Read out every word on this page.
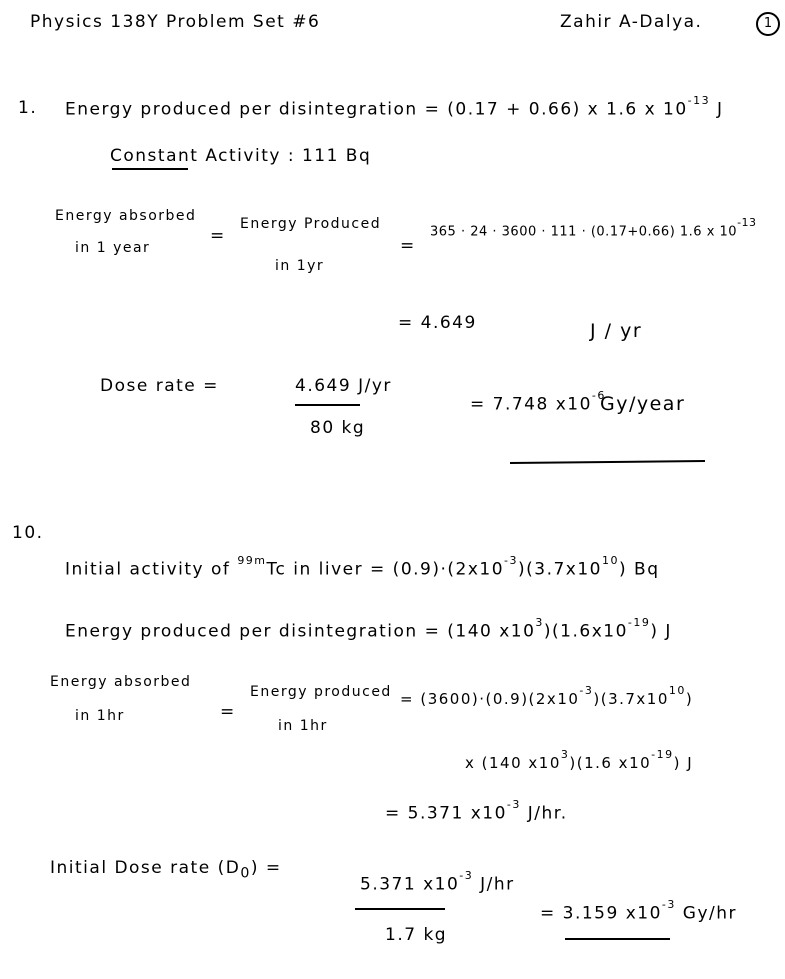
1
Physics 138Y Problem Set #6	Zahir A-Dalya.
1. Energy produced per disintegration = (0.17 + 0.66) x 1.6 x $10^{-13}$ J
Constant Activity : 111 Bq
Energy absorbed
in 1 year
=
Energy Produced
in 1yr
=
365 · 24 · 3600 · 111 · (0.17+0.66) 1.6 x $10^{-13}$
= 4.649	J / yr
Dose rate =	4.649 J/yr
80 kg
= 7.748 $x10^{-6}$
Gy/year
10.
Initial activity of $^{99m}$Tc in liver = $(0.9)\cdot(2x10^{-3})(3.7x10^{10})$ Bq
Energy produced per disintegration = (140 $x10^3)(1.6x10^{-19})$ J
Energy absorbed
in 1hr	=
Energy produced
in 1hr
= $(3600)\cdot(0.9)(2x10^{-3})(3.7x10^{10})$
x (140 $x10^3)(1.6$ $x10^{-19}$) J
= 5.371 $x10^{-3}$ J/hr.
Initial Dose rate $(D_0)$ =
5.371 $x10^{-3}$ J/hr
1.7 kg
= 3.159 $x10^{-3}$ Gy/hr
